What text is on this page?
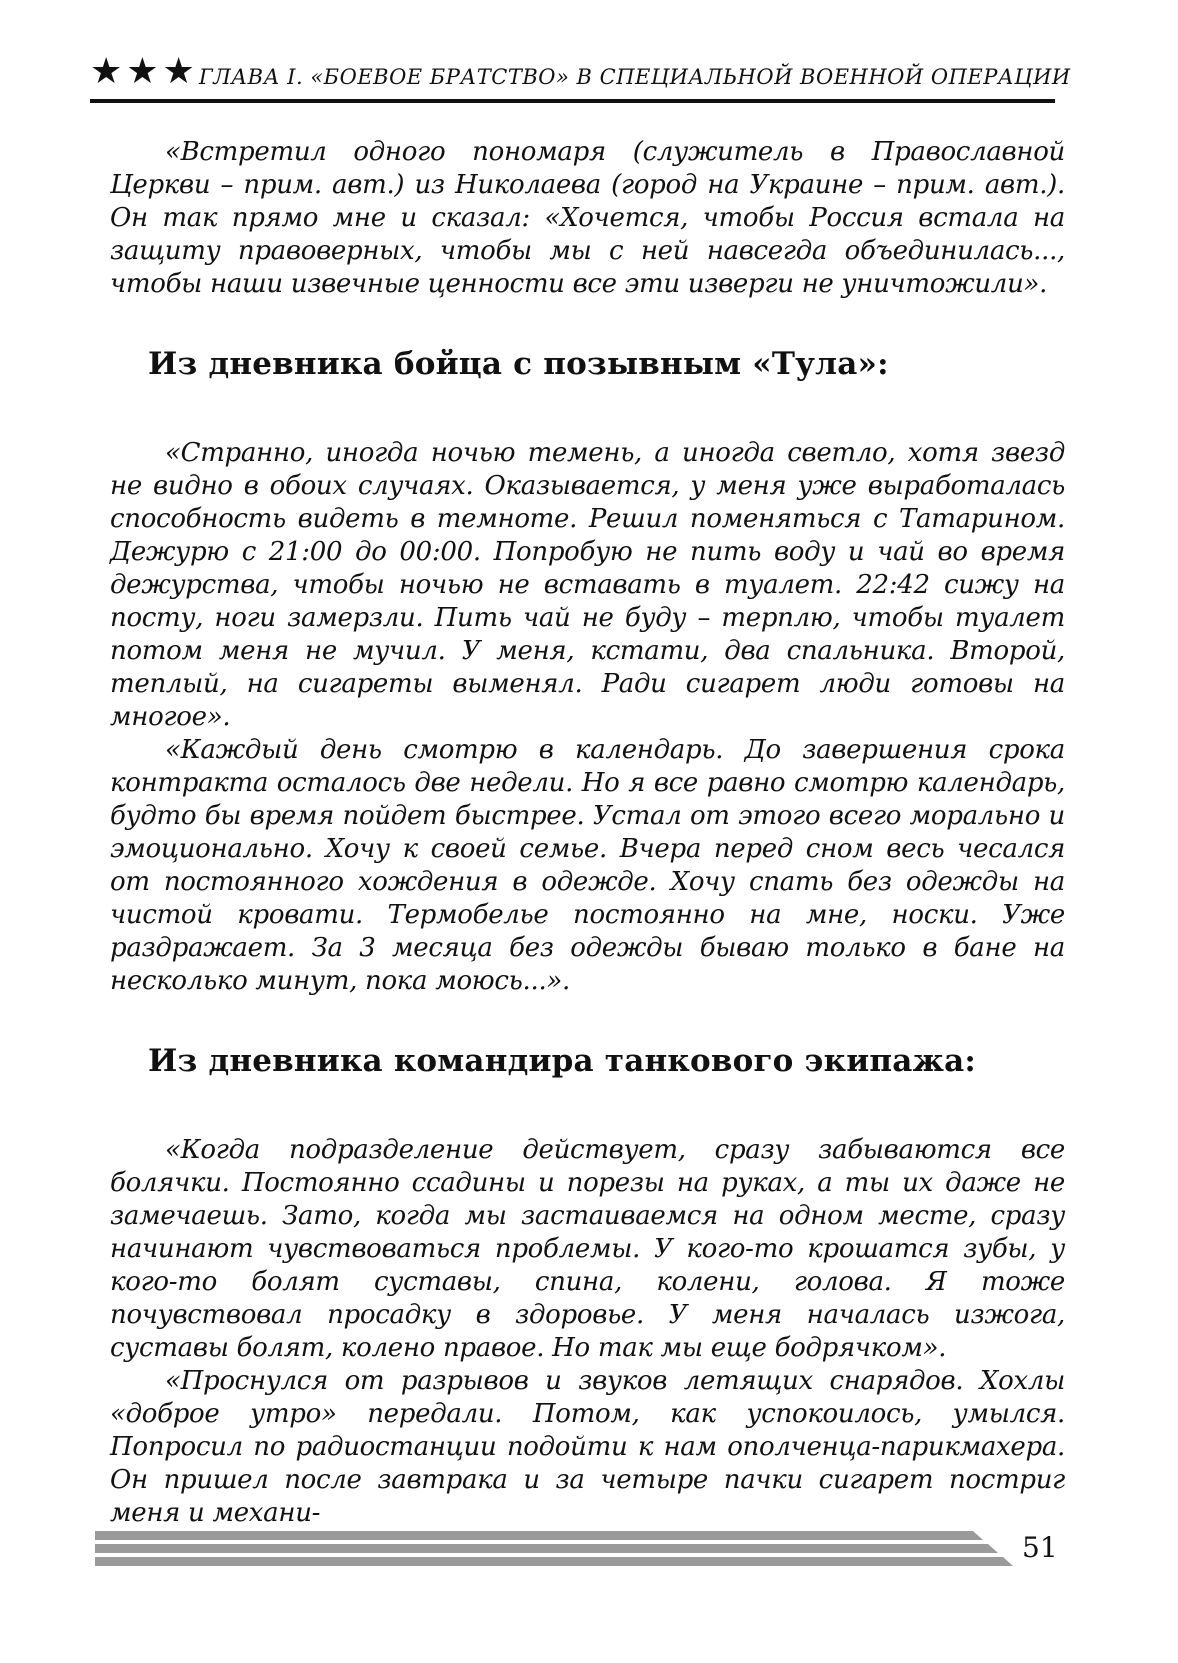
★★★ ГЛАВА I. «БОЕВОЕ БРАТСТВО» В СПЕЦИАЛЬНОЙ ВОЕННОЙ ОПЕРАЦИИ

«Встретил одного пономаря (служитель в Православной Церкви – прим. авт.) из Николаева (город на Украине – прим. авт.). Он так прямо мне и сказал: «Хочется, чтобы Россия встала на защиту правоверных, чтобы мы с ней навсегда объединилась..., чтобы наши извечные ценности все эти изверги не уничтожили».

Из дневника бойца с позывным «Тула»:

«Странно, иногда ночью темень, а иногда светло, хотя звезд не видно в обоих случаях. Оказывается, у меня уже выработалась способность видеть в темноте. Решил поменяться с Татарином. Дежурю с 21:00 до 00:00. Попробую не пить воду и чай во время дежурства, чтобы ночью не вставать в туалет. 22:42 сижу на посту, ноги замерзли. Пить чай не буду – терплю, чтобы туалет потом меня не мучил. У меня, кстати, два спальника. Второй, теплый, на сигареты выменял. Ради сигарет люди готовы на многое».

«Каждый день смотрю в календарь. До завершения срока контракта осталось две недели. Но я все равно смотрю календарь, будто бы время пойдет быстрее. Устал от этого всего морально и эмоционально. Хочу к своей семье. Вчера перед сном весь чесался от постоянного хождения в одежде. Хочу спать без одежды на чистой кровати. Термобелье постоянно на мне, носки. Уже раздражает. За 3 месяца без одежды бываю только в бане на несколько минут, пока моюсь...».

Из дневника командира танкового экипажа:

«Когда подразделение действует, сразу забываются все болячки. Постоянно ссадины и порезы на руках, а ты их даже не замечаешь. Зато, когда мы застаиваемся на одном месте, сразу начинают чувствоваться проблемы. У кого-то крошатся зубы, у кого-то болят суставы, спина, колени, голова. Я тоже почувствовал просадку в здоровье. У меня началась изжога, суставы болят, колено правое. Но так мы еще бодрячком».

«Проснулся от разрывов и звуков летящих снарядов. Хохлы «доброе утро» передали. Потом, как успокоилось, умылся. Попросил по радиостанции подойти к нам ополченца-парикмахера. Он пришел после завтрака и за четыре пачки сигарет постриг меня и механи-

51
